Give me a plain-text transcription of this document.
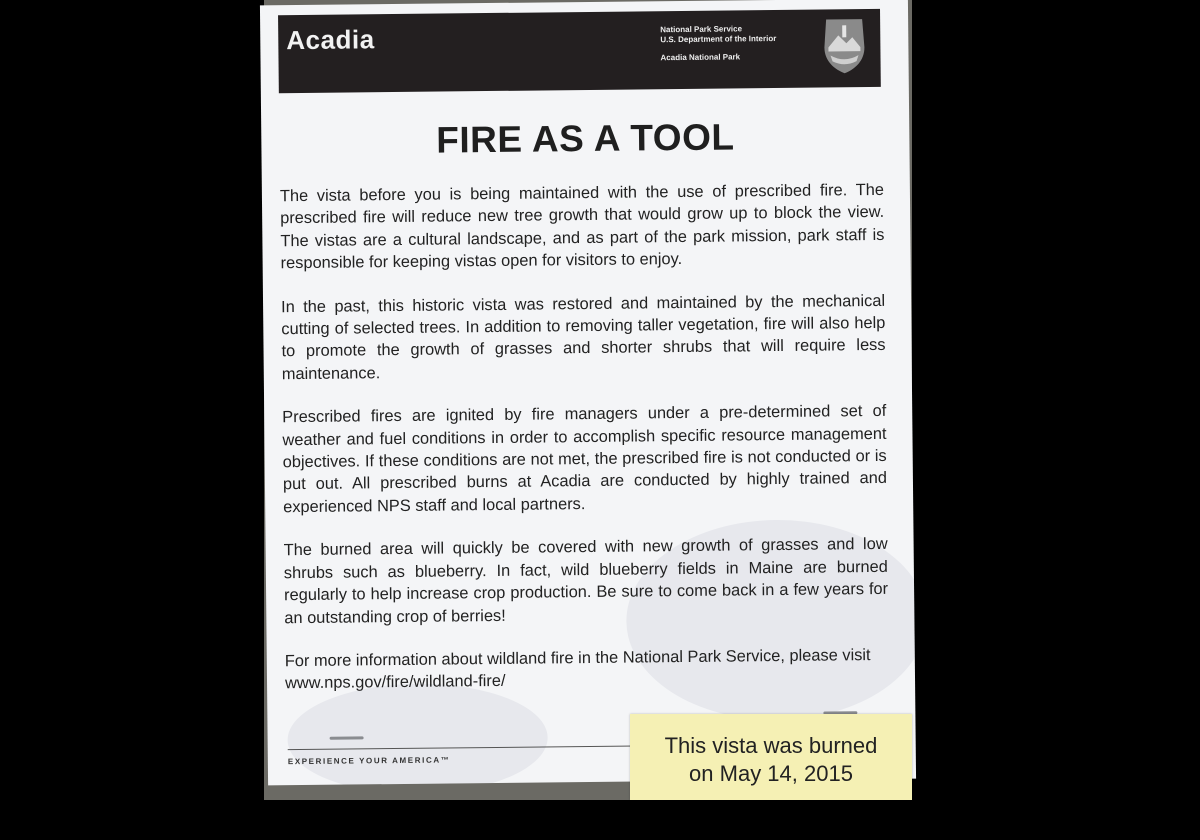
Acadia	National Park Service
U.S. Department of the Interior
Acadia National Park
FIRE AS A TOOL

The vista before you is being maintained with the use of prescribed fire. The prescribed fire will reduce new tree growth that would grow up to block the view. The vistas are a cultural landscape, and as part of the park mission, park staff is responsible for keeping vistas open for visitors to enjoy.

In the past, this historic vista was restored and maintained by the mechanical cutting of selected trees. In addition to removing taller vegetation, fire will also help to promote the growth of grasses and shorter shrubs that will require less maintenance.

Prescribed fires are ignited by fire managers under a pre-determined set of weather and fuel conditions in order to accomplish specific resource management objectives. If these conditions are not met, the prescribed fire is not conducted or is put out. All prescribed burns at Acadia are conducted by highly trained and experienced NPS staff and local partners.

The burned area will quickly be covered with new growth of grasses and low shrubs such as blueberry. In fact, wild blueberry fields in Maine are burned regularly to help increase crop production. Be sure to come back in a few years for an outstanding crop of berries!

For more information about wildland fire in the National Park Service, please visit www.nps.gov/fire/wildland-fire/

EXPERIENCE YOUR AMERICA™
This vista was burned
on May 14, 2015
